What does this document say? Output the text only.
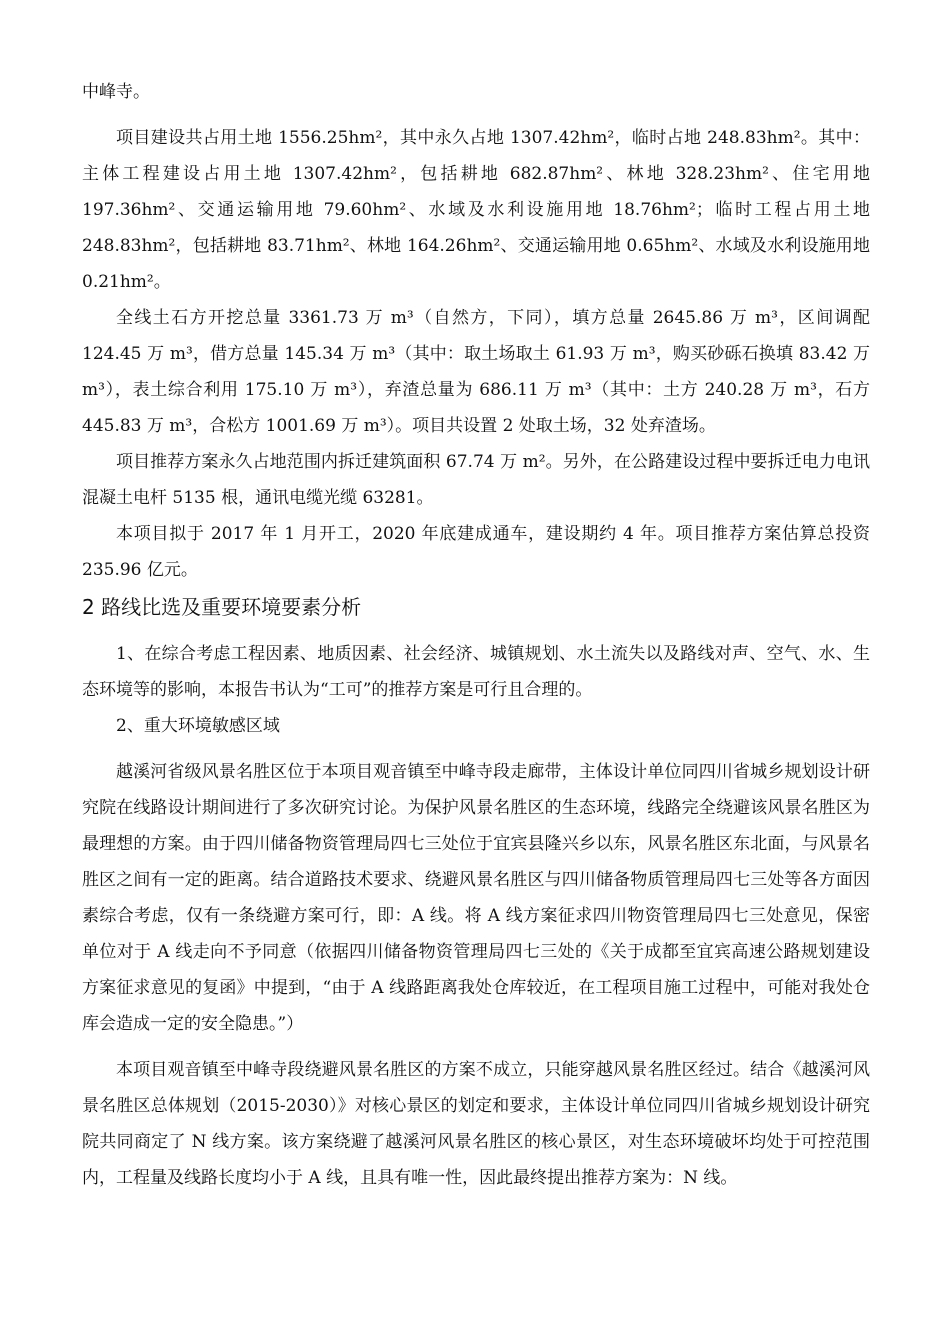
中峰寺。

项目建设共占用土地 1556.25hm²，其中永久占地 1307.42hm²，临时占地 248.83hm²。其中：主体工程建设占用土地 1307.42hm²，包括耕地 682.87hm²、林地 328.23hm²、住宅用地 197.36hm²、交通运输用地 79.60hm²、水域及水利设施用地 18.76hm²；临时工程占用土地 248.83hm²，包括耕地 83.71hm²、林地 164.26hm²、交通运输用地 0.65hm²、水域及水利设施用地 0.21hm²。

全线土石方开挖总量 3361.73 万 m³（自然方，下同），填方总量 2645.86 万 m³，区间调配 124.45 万 m³，借方总量 145.34 万 m³（其中：取土场取土 61.93 万 m³，购买砂砾石换填 83.42 万 m³），表土综合利用 175.10 万 m³），弃渣总量为 686.11 万 m³（其中：土方 240.28 万 m³，石方 445.83 万 m³，合松方 1001.69 万 m³）。项目共设置 2 处取土场，32 处弃渣场。

项目推荐方案永久占地范围内拆迁建筑面积 67.74 万 m²。另外，在公路建设过程中要拆迁电力电讯混凝土电杆 5135 根，通讯电缆光缆 63281。

本项目拟于 2017 年 1 月开工，2020 年底建成通车，建设期约 4 年。项目推荐方案估算总投资 235.96 亿元。

2 路线比选及重要环境要素分析

1、在综合考虑工程因素、地质因素、社会经济、城镇规划、水土流失以及路线对声、空气、水、生态环境等的影响，本报告书认为“工可”的推荐方案是可行且合理的。

2、重大环境敏感区域

越溪河省级风景名胜区位于本项目观音镇至中峰寺段走廊带，主体设计单位同四川省城乡规划设计研究院在线路设计期间进行了多次研究讨论。为保护风景名胜区的生态环境，线路完全绕避该风景名胜区为最理想的方案。由于四川储备物资管理局四七三处位于宜宾县隆兴乡以东，风景名胜区东北面，与风景名胜区之间有一定的距离。结合道路技术要求、绕避风景名胜区与四川储备物质管理局四七三处等各方面因素综合考虑，仅有一条绕避方案可行，即：A 线。将 A 线方案征求四川物资管理局四七三处意见，保密单位对于 A 线走向不予同意（依据四川储备物资管理局四七三处的《关于成都至宜宾高速公路规划建设方案征求意见的复函》中提到，“由于 A 线路距离我处仓库较近，在工程项目施工过程中，可能对我处仓库会造成一定的安全隐患。”）

本项目观音镇至中峰寺段绕避风景名胜区的方案不成立，只能穿越风景名胜区经过。结合《越溪河风景名胜区总体规划（2015-2030）》对核心景区的划定和要求，主体设计单位同四川省城乡规划设计研究院共同商定了 N 线方案。该方案绕避了越溪河风景名胜区的核心景区，对生态环境破坏均处于可控范围内，工程量及线路长度均小于 A 线，且具有唯一性，因此最终提出推荐方案为：N 线。
